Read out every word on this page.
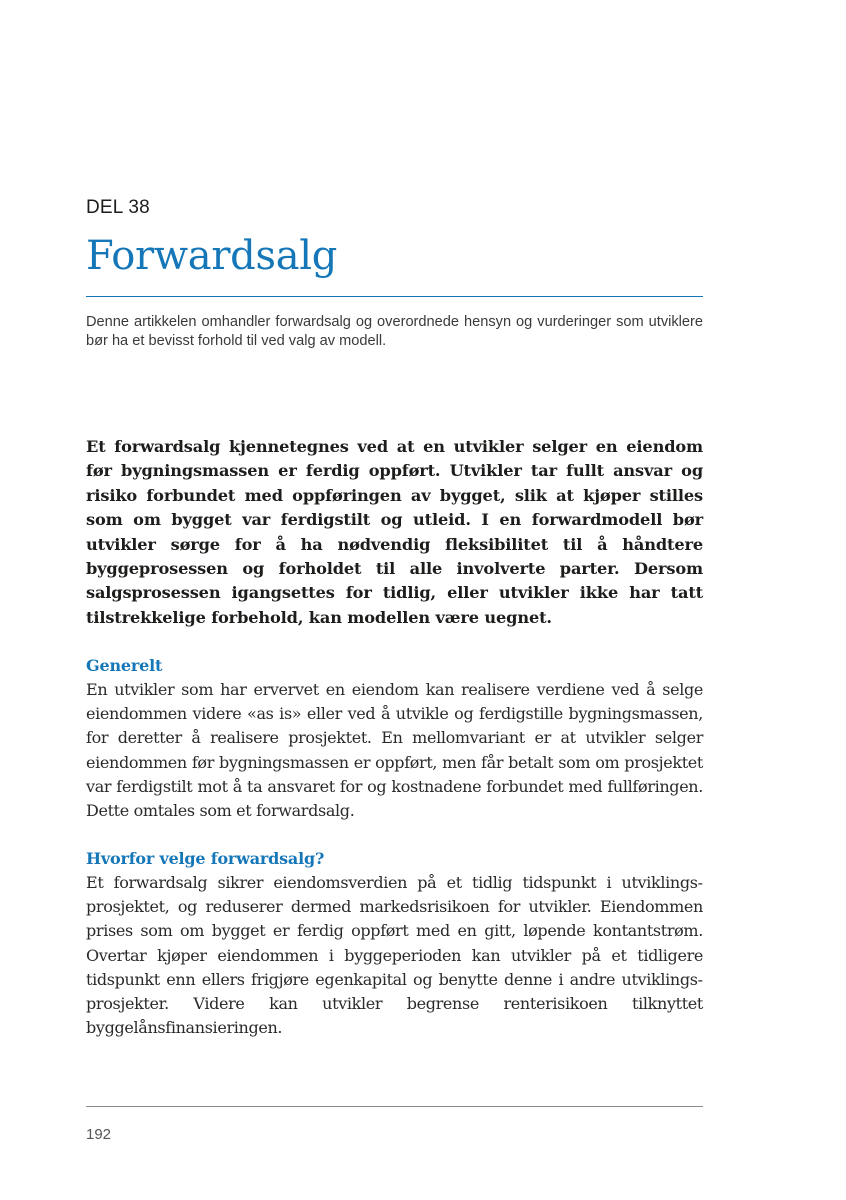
DEL 38
Forwardsalg

Denne artikkelen omhandler forwardsalg og overordnede hensyn og vurderinger som utviklere bør ha et bevisst forhold til ved valg av modell.

Et forwardsalg kjennetegnes ved at en utvikler selger en eiendom før bygningsmassen er ferdig oppført. Utvikler tar fullt ansvar og risiko forbundet med oppføringen av bygget, slik at kjøper stilles som om bygget var ferdigstilt og utleid. I en forwardmodell bør utvikler sørge for å ha nødvendig fleksibilitet til å håndtere byggeprosessen og forholdet til alle involverte parter. Dersom salgsprosessen igangsettes for tidlig, eller utvikler ikke har tatt tilstrekkelige forbehold, kan modellen være uegnet.

Generelt

En utvikler som har ervervet en eiendom kan realisere verdiene ved å selge eiendommen videre «as is» eller ved å utvikle og ferdigstille bygningsmassen, for deretter å realisere prosjektet. En mellomvariant er at utvikler selger eiendommen før bygningsmassen er oppført, men får betalt som om prosjektet var ferdigstilt mot å ta ansvaret for og kostnadene forbundet med fullføringen. Dette omtales som et forwardsalg.

Hvorfor velge forwardsalg?

Et forwardsalg sikrer eiendomsverdien på et tidlig tidspunkt i utviklingsprosjektet, og reduserer dermed markedsrisikoen for utvikler. Eiendommen prises som om bygget er ferdig oppført med en gitt, løpende kontantstrøm. Overtar kjøper eiendommen i byggeperioden kan utvikler på et tidligere tidspunkt enn ellers frigjøre egenkapital og benytte denne i andre utviklingsprosjekter. Videre kan utvikler begrense renterisikoen tilknyttet byggelånsfinansieringen.

192
